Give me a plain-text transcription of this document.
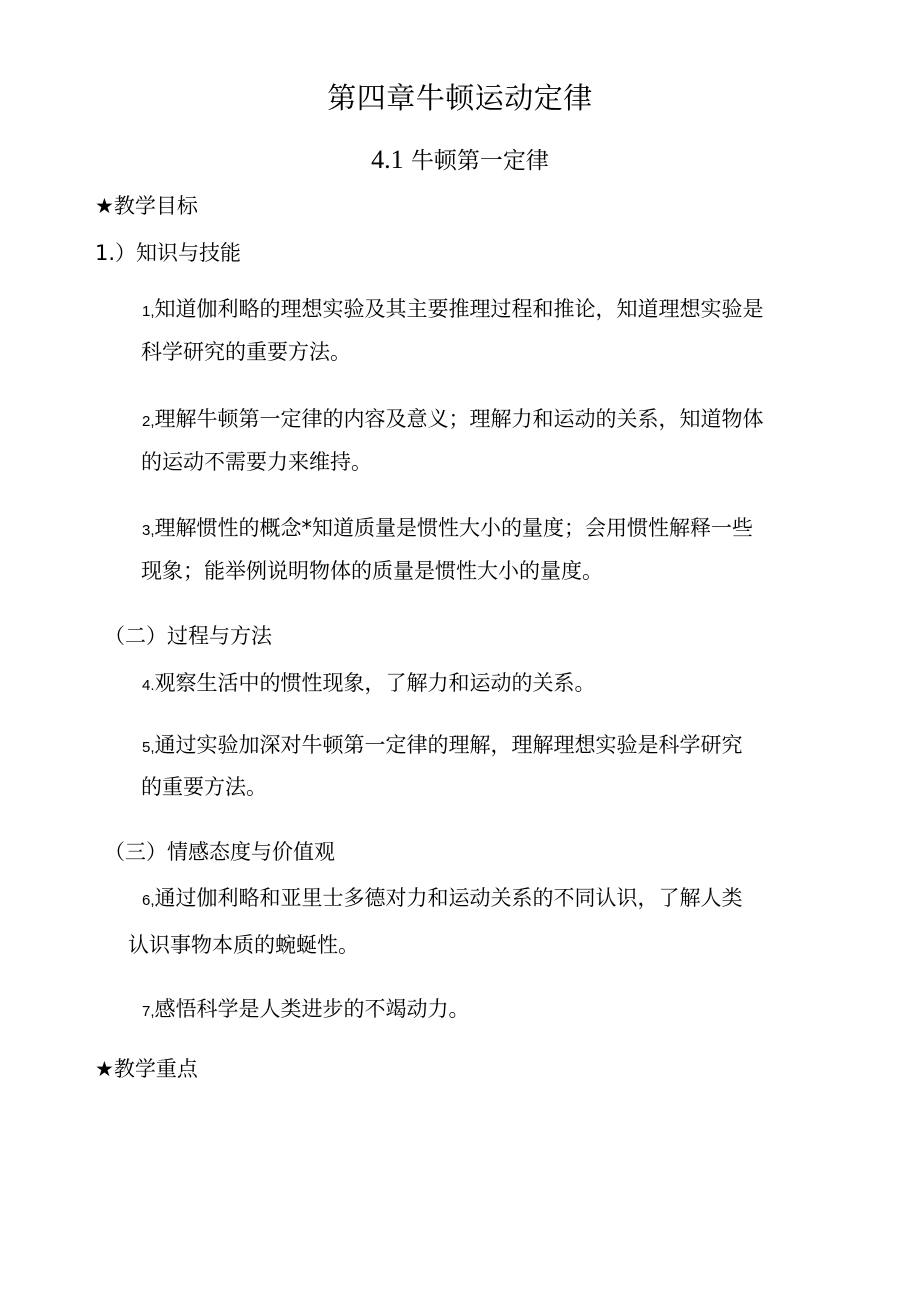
第四章牛顿运动定律
4.1 牛顿第一定律
★教学目标
1.）知识与技能
1,知道伽利略的理想实验及其主要推理过程和推论，知道理想实验是
科学研究的重要方法。
2,理解牛顿第一定律的内容及意义；理解力和运动的关系，知道物体
的运动不需要力来维持。
3,理解惯性的概念*知道质量是惯性大小的量度；会用惯性解释一些
现象；能举例说明物体的质量是惯性大小的量度。
（二）过程与方法
4.观察生活中的惯性现象，了解力和运动的关系。
5,通过实验加深对牛顿第一定律的理解，理解理想实验是科学研究
的重要方法。
（三）情感态度与价值观
6,通过伽利略和亚里士多德对力和运动关系的不同认识，了解人类
认识事物本质的蜿蜒性。
7,感悟科学是人类进步的不竭动力。
★教学重点
